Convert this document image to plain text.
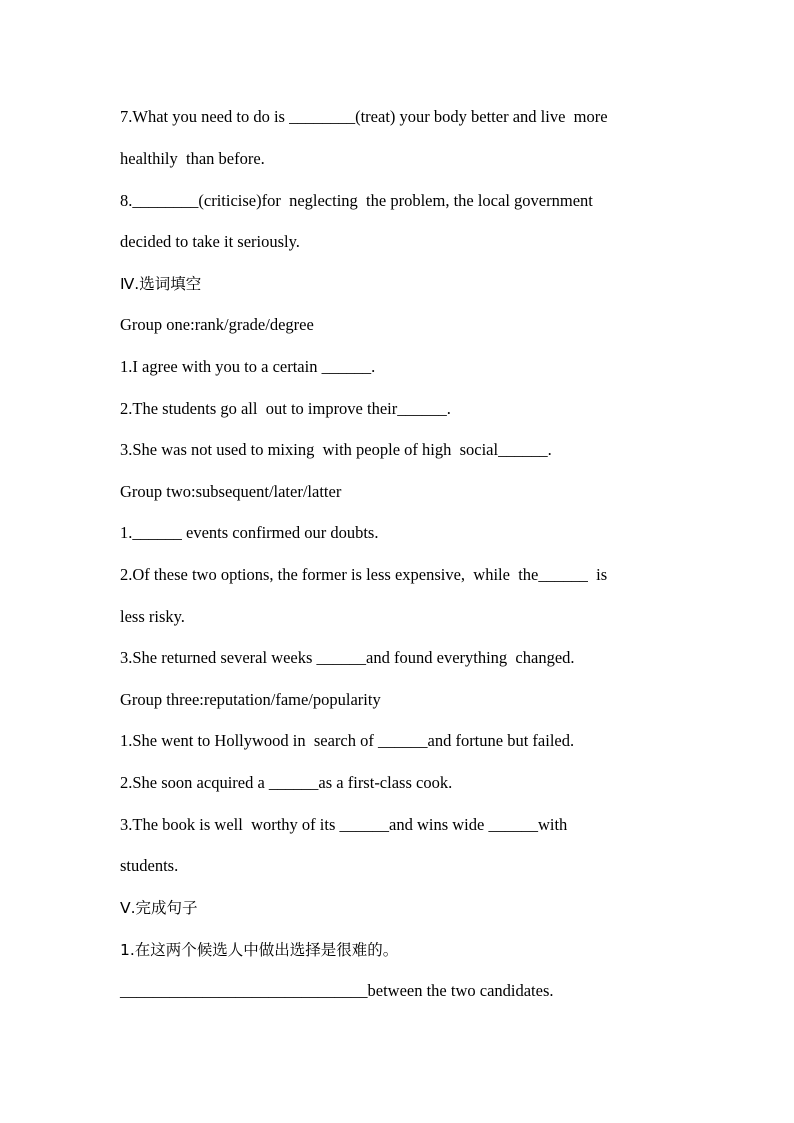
7.What you need to do is ________(treat) your body better and live  more
healthily  than before.
8.________(criticise)for  neglecting  the problem, the local government
decided to take it seriously.
Ⅳ.选词填空
Group one:rank/grade/degree
1.I agree with you to a certain ______.
2.The students go all  out to improve their______.
3.She was not used to mixing  with people of high  social______.
Group two:subsequent/later/latter
1.______ events confirmed our doubts.
2.Of these two options, the former is less expensive,  while  the______  is
less risky.
3.She returned several weeks ______and found everything  changed.
Group three:reputation/fame/popularity
1.She went to Hollywood in  search of ______and fortune but failed.
2.She soon acquired a ______as a first-class cook.
3.The book is well  worthy of its ______and wins wide ______with
students.
Ⅴ.完成句子
1.在这两个候选人中做出选择是很难的。
______________________________between the two candidates.
